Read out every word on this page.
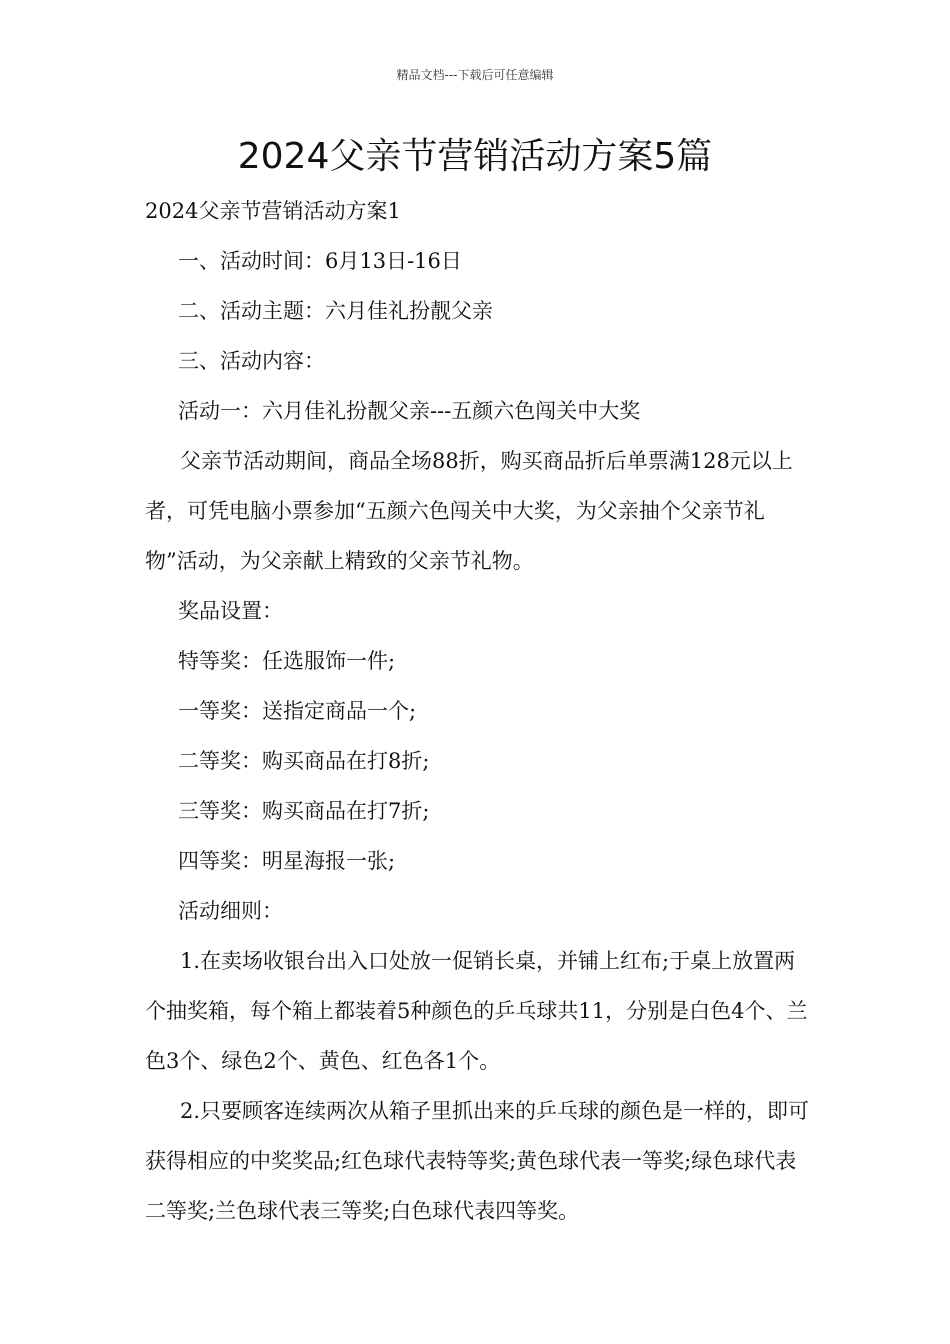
精品文档---下载后可任意编辑
2024父亲节营销活动方案5篇

2024父亲节营销活动方案1

一、活动时间：6月13日-16日

二、活动主题：六月佳礼扮靓父亲

三、活动内容：

活动一：六月佳礼扮靓父亲---五颜六色闯关中大奖

父亲节活动期间，商品全场88折，购买商品折后单票满128元以上者，可凭电脑小票参加“五颜六色闯关中大奖，为父亲抽个父亲节礼物”活动，为父亲献上精致的父亲节礼物。

奖品设置：

特等奖：任选服饰一件;

一等奖：送指定商品一个;

二等奖：购买商品在打8折;

三等奖：购买商品在打7折;

四等奖：明星海报一张;

活动细则：

1.在卖场收银台出入口处放一促销长桌，并铺上红布;于桌上放置两个抽奖箱，每个箱上都装着5种颜色的乒乓球共11，分别是白色4个、兰色3个、绿色2个、黄色、红色各1个。

2.只要顾客连续两次从箱子里抓出来的乒乓球的颜色是一样的，即可获得相应的中奖奖品;红色球代表特等奖;黄色球代表一等奖;绿色球代表二等奖;兰色球代表三等奖;白色球代表四等奖。
